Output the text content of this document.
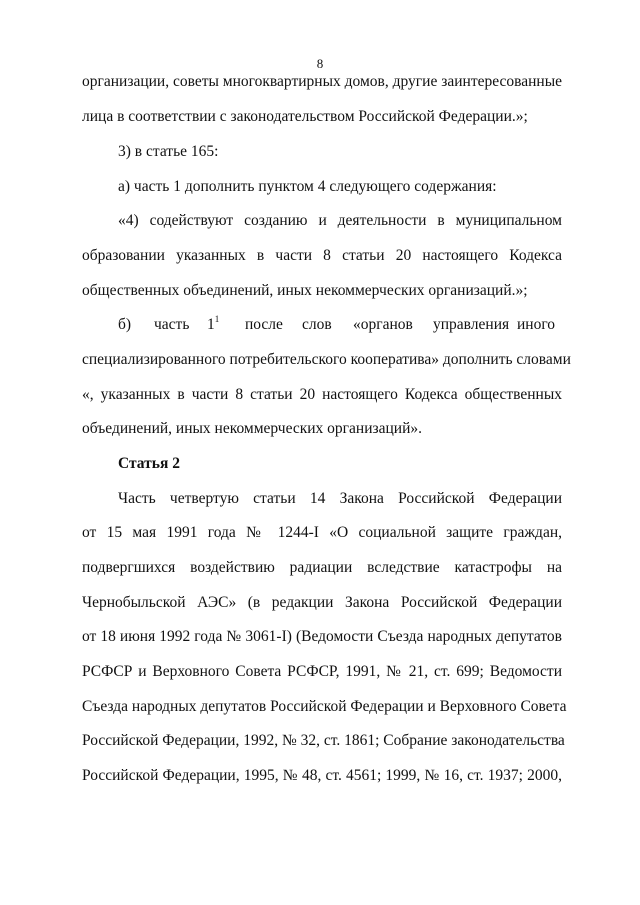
8
организации, советы многоквартирных домов, другие заинтересованные
лица в соответствии с законодательством Российской Федерации.»;
3) в статье 165:
а) часть 1 дополнить пунктом 4 следующего содержания:
«4) содействуют созданию и деятельности в муниципальном
образовании указанных в части 8 статьи 20 настоящего Кодекса
общественных объединений, иных некоммерческих организаций.»;
б) часть $1^1$ после слов «органов управления иного
специализированного потребительского кооператива» дополнить словами
«, указанных в части 8 статьи 20 настоящего Кодекса общественных
объединений, иных некоммерческих организаций».
Статья 2
Часть четвертую статьи 14 Закона Российской Федерации
от 15 мая 1991 года № 1244-I «О социальной защите граждан,
подвергшихся воздействию радиации вследствие катастрофы на
Чернобыльской АЭС» (в редакции Закона Российской Федерации
от 18 июня 1992 года № 3061-I) (Ведомости Съезда народных депутатов
РСФСР и Верховного Совета РСФСР, 1991, № 21, ст. 699; Ведомости
Съезда народных депутатов Российской Федерации и Верховного Совета
Российской Федерации, 1992, № 32, ст. 1861; Собрание законодательства
Российской Федерации, 1995, № 48, ст. 4561; 1999, № 16, ст. 1937; 2000,
